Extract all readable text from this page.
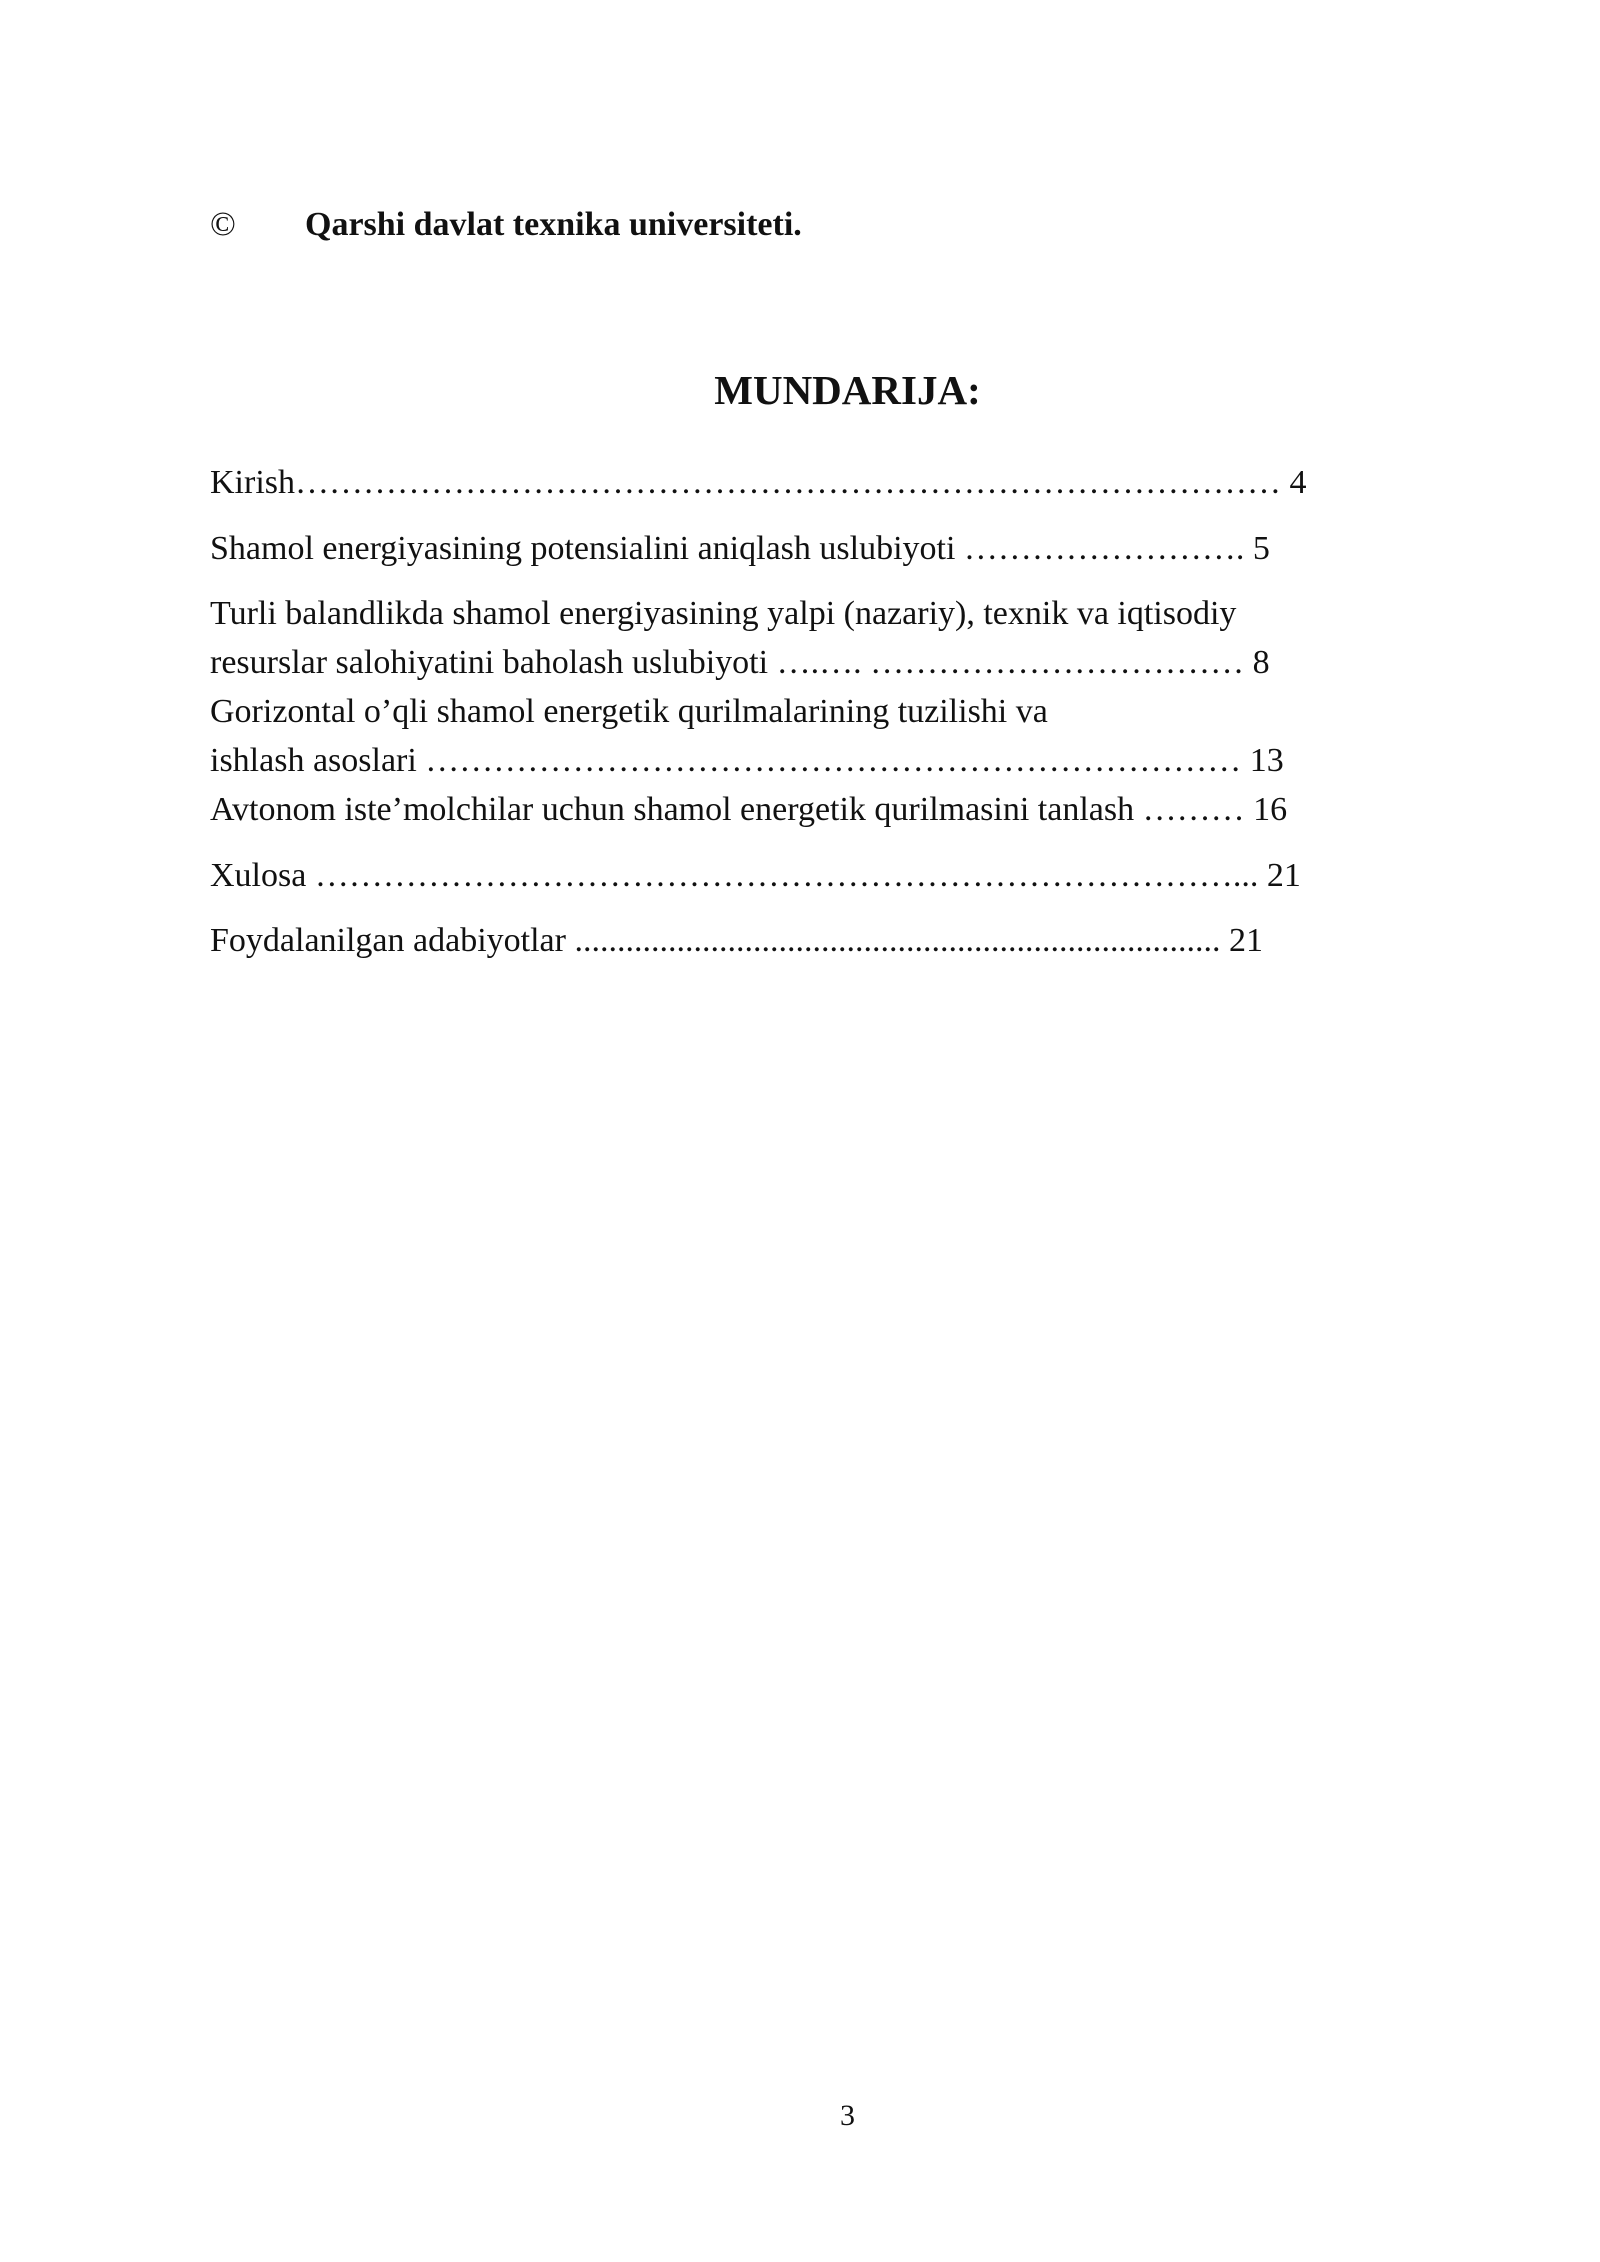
© Qarshi davlat texnika universiteti.
MUNDARIJA:
Kirish…………………………………………………………………………… 4
Shamol energiyasining potensialini aniqlash uslubiyoti ……………………. 5
Turli balandlikda shamol energiyasining yalpi (nazariy), texnik va iqtisodiy
resurslar salohiyatini baholash uslubiyoti ….…. …………………………… 8
Gorizontal o’qli shamol energetik qurilmalarining tuzilishi va
ishlash asoslari ……………………………………………………………… 13
Avtonom iste’molchilar uchun shamol energetik qurilmasini tanlash ……… 16
Xulosa ………………………………………………………………………... 21
Foydalanilgan adabiyotlar ............................................................................ 21
3
